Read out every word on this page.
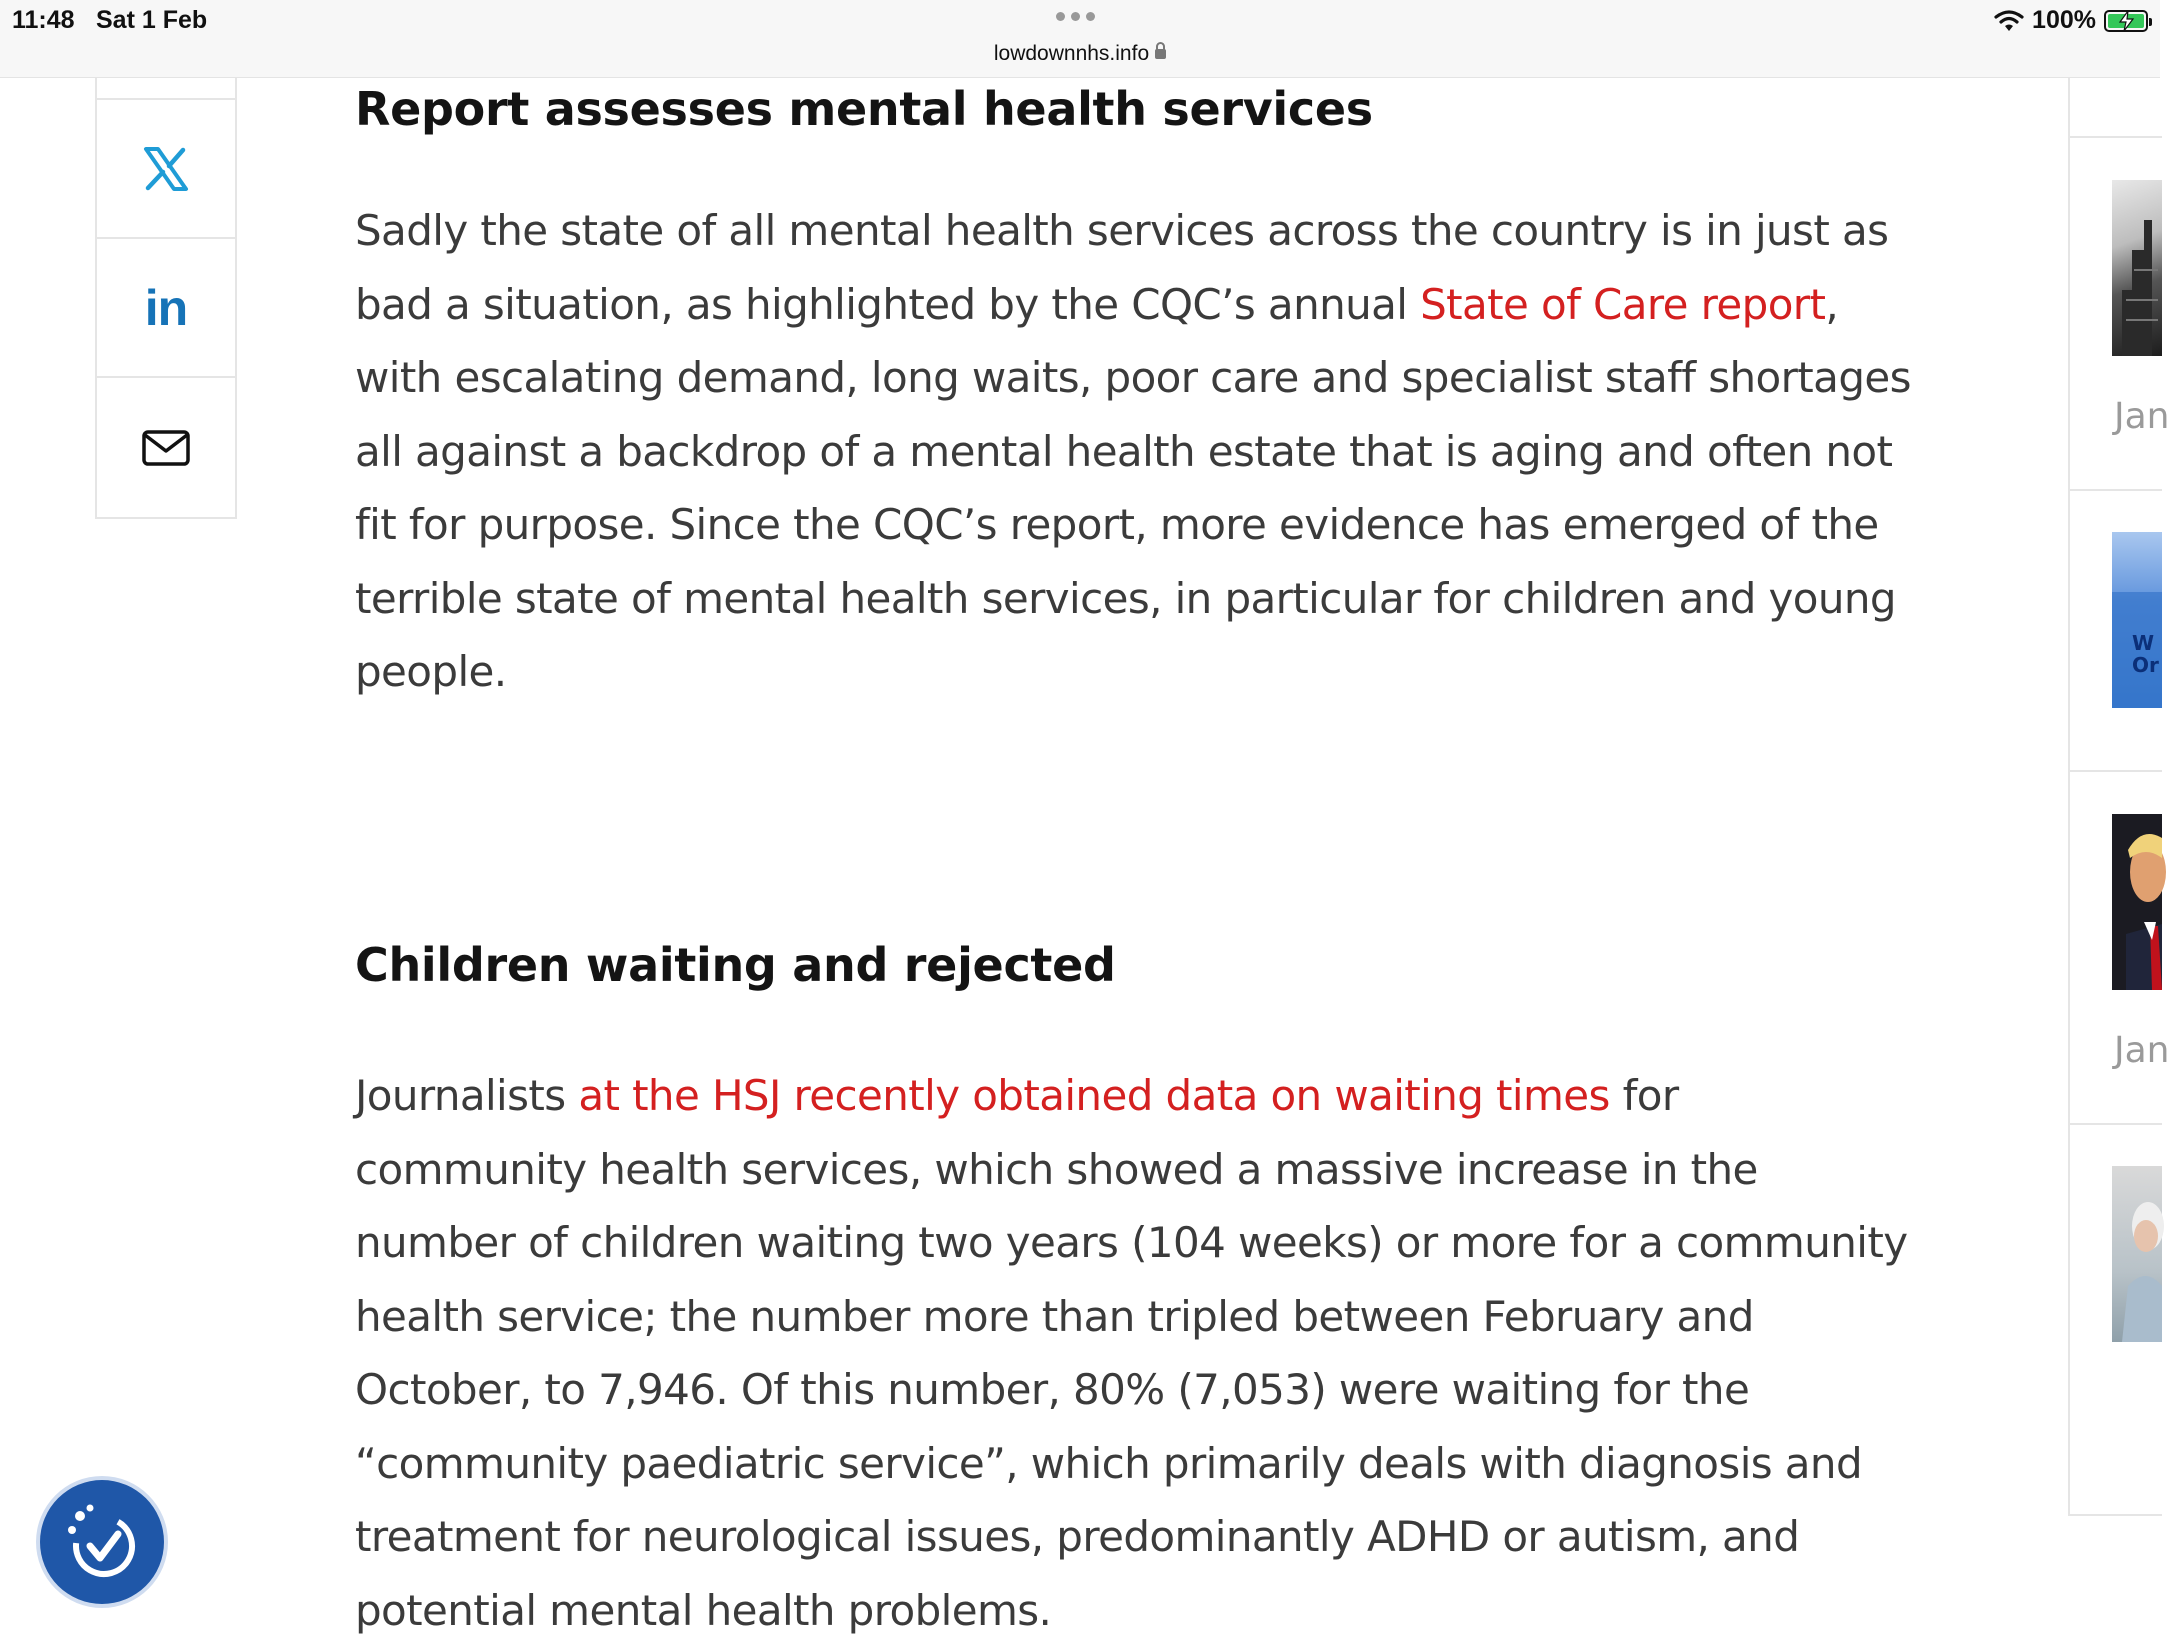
11:48 Sat 1 Feb
lowdownnhs.info
100%
in
Report assesses mental health services

Sadly the state of all mental health services across the country is in just as bad a situation, as highlighted by the CQC’s annual State of Care report, with escalating demand, long waits, poor care and specialist staff shortages all against a backdrop of a mental health estate that is aging and often not fit for purpose. Since the CQC’s report, more evidence has emerged of the terrible state of mental health services, in particular for children and young people.

Children waiting and rejected

Journalists at the HSJ recently obtained data on waiting times for community health services, which showed a massive increase in the number of children waiting two years (104 weeks) or more for a community health service; the number more than tripled between February and October, to 7,946. Of this number, 80% (7,053) were waiting for the “community paediatric service”, which primarily deals with diagnosis and treatment for neurological issues, predominantly ADHD or autism, and potential mental health problems.

Jan
W
Or
Jan
